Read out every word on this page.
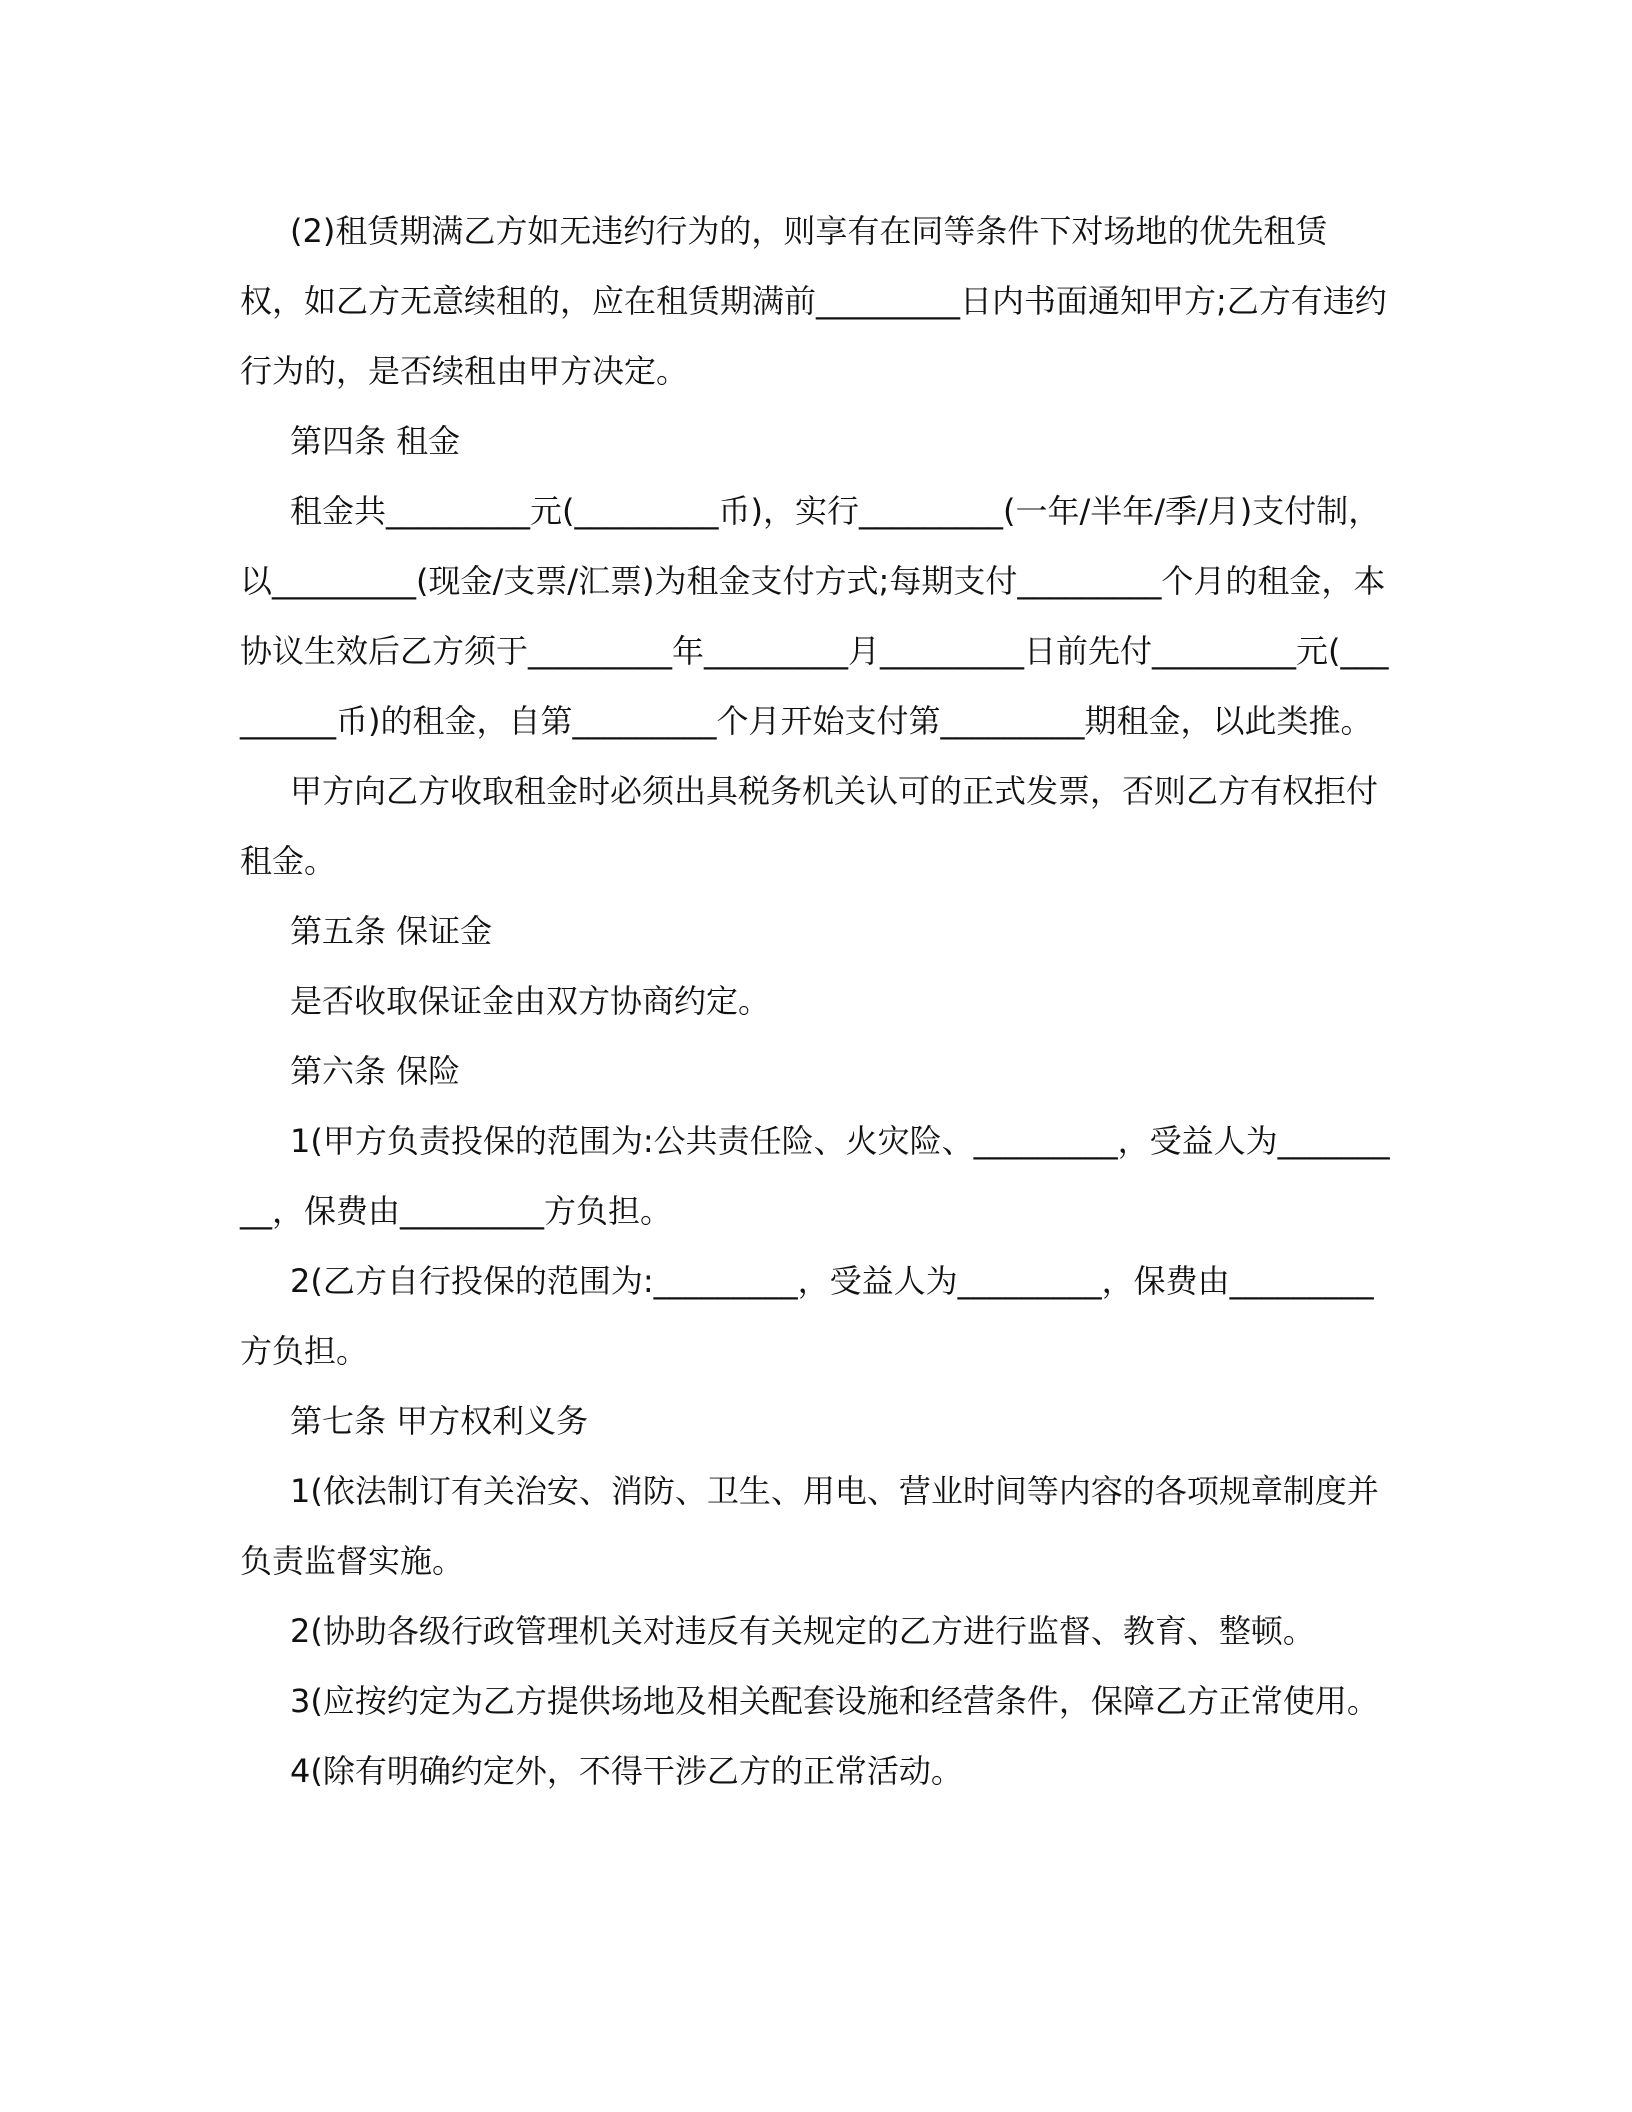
(2)租赁期满乙方如无违约行为的，则享有在同等条件下对场地的优先租赁权，如乙方无意续租的，应在租赁期满前_________日内书面通知甲方;乙方有违约行为的，是否续租由甲方决定。

第四条 租金

租金共_________元(_________币)，实行_________(一年/半年/季/月)支付制，以_________(现金/支票/汇票)为租金支付方式;每期支付_________个月的租金，本协议生效后乙方须于_________年_________月_________日前先付_________元(_________币)的租金，自第_________个月开始支付第_________期租金，以此类推。

甲方向乙方收取租金时必须出具税务机关认可的正式发票，否则乙方有权拒付租金。

第五条 保证金

是否收取保证金由双方协商约定。

第六条 保险

1(甲方负责投保的范围为:公共责任险、火灾险、_________，受益人为_________，保费由_________方负担。

2(乙方自行投保的范围为:_________，受益人为_________，保费由_________方负担。

第七条 甲方权利义务

1(依法制订有关治安、消防、卫生、用电、营业时间等内容的各项规章制度并负责监督实施。

2(协助各级行政管理机关对违反有关规定的乙方进行监督、教育、整顿。

3(应按约定为乙方提供场地及相关配套设施和经营条件，保障乙方正常使用。

4(除有明确约定外，不得干涉乙方的正常活动。
